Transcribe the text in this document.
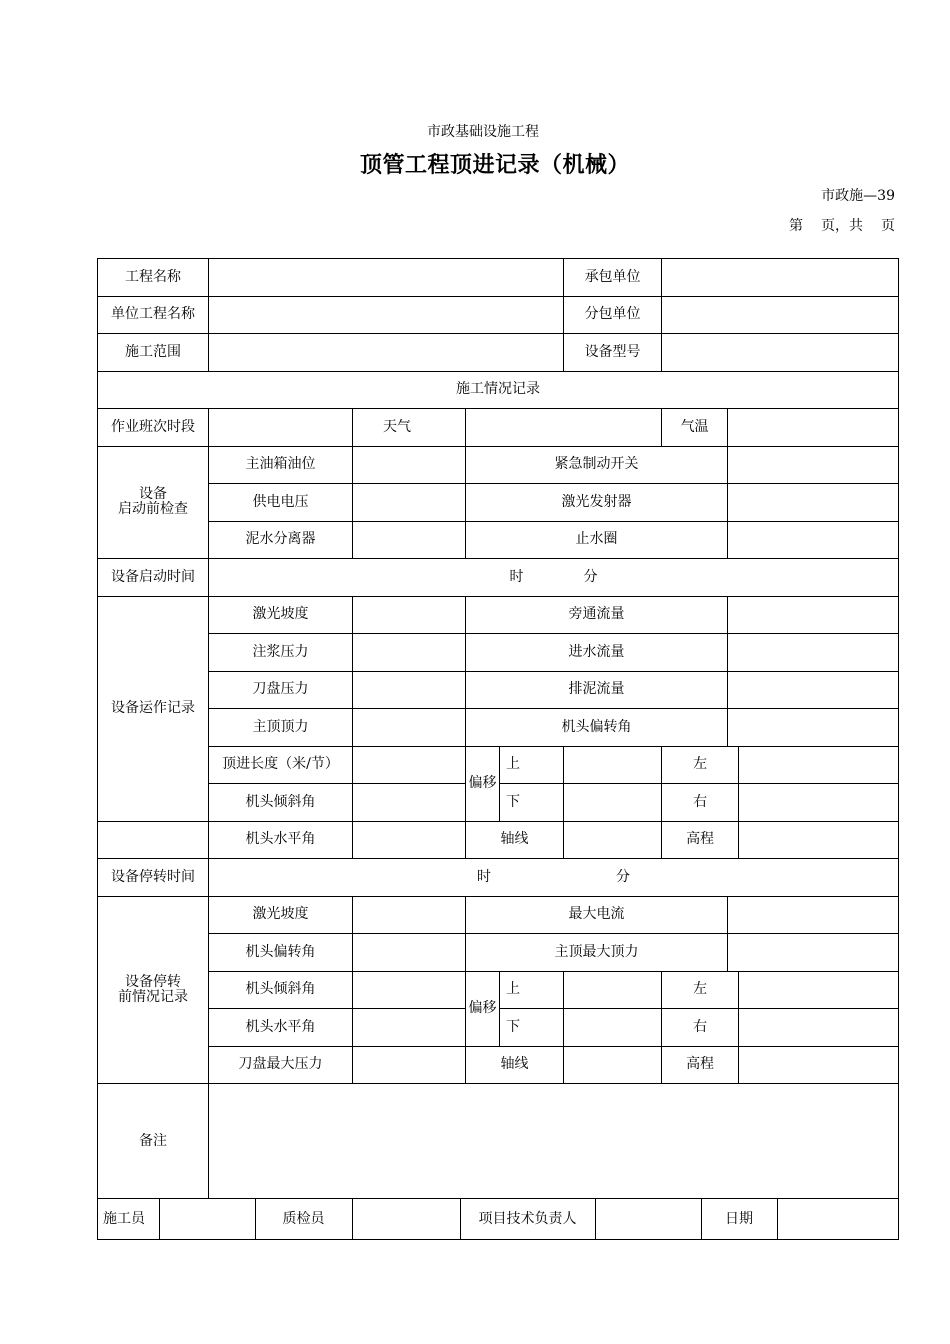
市政基础设施工程
顶管工程顶进记录（机械）
市政施—39
第 页，共 页
工程名称		承包单位	
单位工程名称		分包单位	
施工范围		设备型号	
施工情况记录
作业班次时段		天气		气温	
设备
启动前检查	主油箱油位		紧急制动开关	
供电电压		激光发射器	
泥水分离器		止水圈	
设备启动时间	时	分
设备运作记录	激光坡度		旁通流量	
注浆压力		进水流量	
刀盘压力		排泥流量	
主顶顶力		机头偏转角	
顶进长度（米/节）		偏移	上		左	
机头倾斜角		下		右	
	机头水平角		轴线		高程	
设备停转时间	时	分
设备停转
前情况记录	激光坡度		最大电流	
机头偏转角		主顶最大顶力	
机头倾斜角		偏移	上		左	
机头水平角		下		右	
刀盘最大压力		轴线		高程	
备注	

施工员		质检员		项目技术负责人		日期	
